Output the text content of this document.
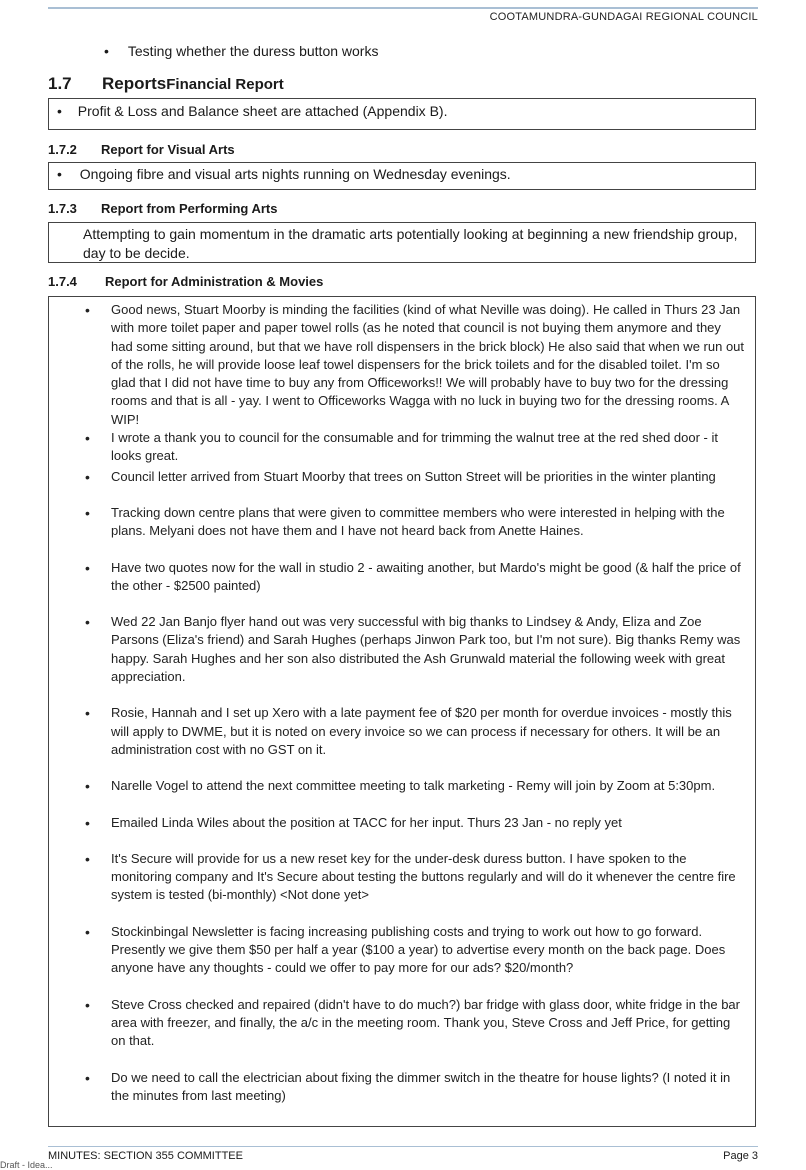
COOTAMUNDRA-GUNDAGAI REGIONAL COUNCIL
• Testing whether the duress button works
1.7 ReportsFinancial Report
• Profit & Loss and Balance sheet are attached (Appendix B).
1.7.2 Report for Visual Arts
• Ongoing fibre and visual arts nights running on Wednesday evenings.
1.7.3 Report from Performing Arts
Attempting to gain momentum in the dramatic arts potentially looking at beginning a new friendship group, day to be decide.
1.7.4 Report for Administration & Movies
• Good news, Stuart Moorby is minding the facilities (kind of what Neville was doing). He called in Thurs 23 Jan with more toilet paper and paper towel rolls (as he noted that council is not buying them anymore and they had some sitting around, but that we have roll dispensers in the brick block) He also said that when we run out of the rolls, he will provide loose leaf towel dispensers for the brick toilets and for the disabled toilet. I'm so glad that I did not have time to buy any from Officeworks!! We will probably have to buy two for the dressing rooms and that is all - yay. I went to Officeworks Wagga with no luck in buying two for the dressing rooms. A WIP!
• I wrote a thank you to council for the consumable and for trimming the walnut tree at the red shed door - it looks great.
• Council letter arrived from Stuart Moorby that trees on Sutton Street will be priorities in the winter planting
• Tracking down centre plans that were given to committee members who were interested in helping with the plans. Melyani does not have them and I have not heard back from Anette Haines.
• Have two quotes now for the wall in studio 2 - awaiting another, but Mardo's might be good (& half the price of the other - $2500 painted)
• Wed 22 Jan Banjo flyer hand out was very successful with big thanks to Lindsey & Andy, Eliza and Zoe Parsons (Eliza's friend) and Sarah Hughes (perhaps Jinwon Park too, but I'm not sure). Big thanks Remy was happy. Sarah Hughes and her son also distributed the Ash Grunwald material the following week with great appreciation.
• Rosie, Hannah and I set up Xero with a late payment fee of $20 per month for overdue invoices - mostly this will apply to DWME, but it is noted on every invoice so we can process if necessary for others. It will be an administration cost with no GST on it.
• Narelle Vogel to attend the next committee meeting to talk marketing - Remy will join by Zoom at 5:30pm.
• Emailed Linda Wiles about the position at TACC for her input. Thurs 23 Jan - no reply yet
• It's Secure will provide for us a new reset key for the under-desk duress button. I have spoken to the monitoring company and It's Secure about testing the buttons regularly and will do it whenever the centre fire system is tested (bi-monthly) <Not done yet>
• Stockinbingal Newsletter is facing increasing publishing costs and trying to work out how to go forward. Presently we give them $50 per half a year ($100 a year) to advertise every month on the back page. Does anyone have any thoughts - could we offer to pay more for our ads? $20/month?
• Steve Cross checked and repaired (didn't have to do much?) bar fridge with glass door, white fridge in the bar area with freezer, and finally, the a/c in the meeting room. Thank you, Steve Cross and Jeff Price, for getting on that.
• Do we need to call the electrician about fixing the dimmer switch in the theatre for house lights? (I noted it in the minutes from last meeting)
MINUTES: SECTION 355 COMMITTEE	Page 3
Draft - Idea...
